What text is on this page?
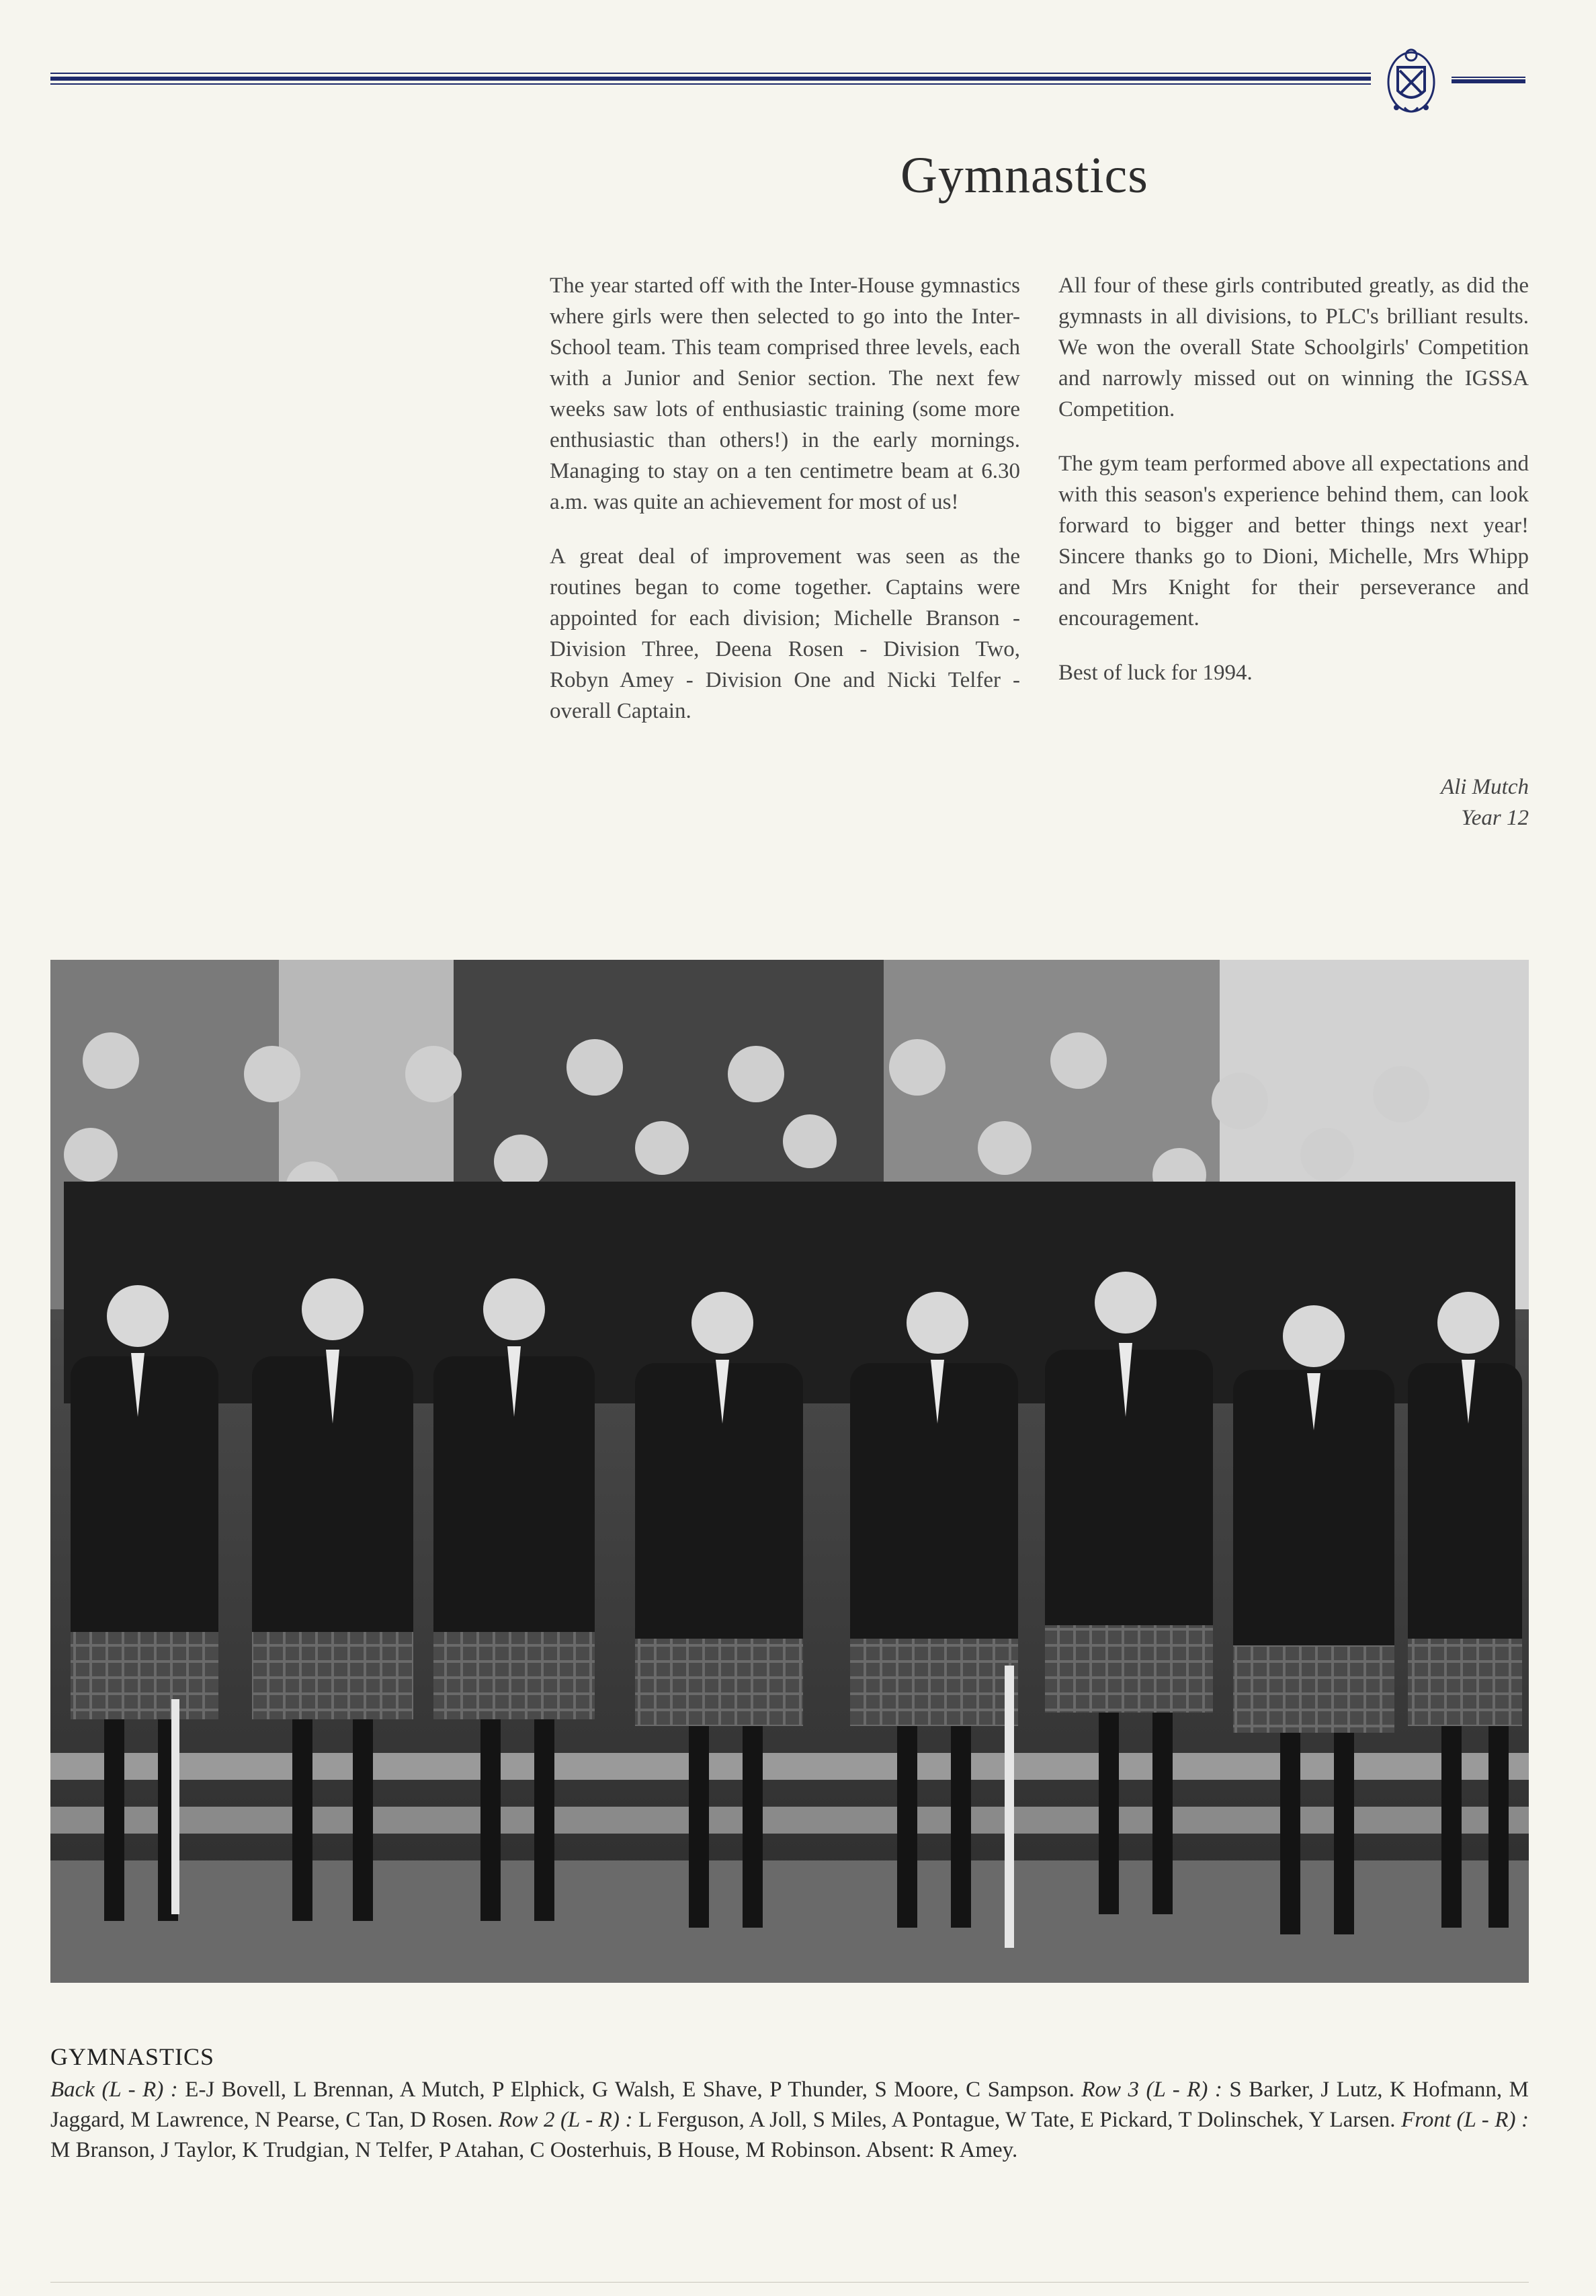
Gymnastics

The year started off with the Inter-House gymnastics where girls were then selected to go into the Inter-School team. This team comprised three levels, each with a Junior and Senior section. The next few weeks saw lots of enthusiastic training (some more enthusiastic than others!) in the early mornings. Managing to stay on a ten centimetre beam at 6.30 a.m. was quite an achievement for most of us!

A great deal of improvement was seen as the routines began to come together. Captains were appointed for each division; Michelle Branson - Division Three, Deena Rosen - Division Two, Robyn Amey - Division One and Nicki Telfer - overall Captain.

All four of these girls contributed greatly, as did the gymnasts in all divisions, to PLC's brilliant results. We won the overall State Schoolgirls' Competition and narrowly missed out on winning the IGSSA Competition.

The gym team performed above all expectations and with this season's experience behind them, can look forward to bigger and better things next year! Sincere thanks go to Dioni, Michelle, Mrs Whipp and Mrs Knight for their perseverance and encouragement.

Best of luck for 1994.

Ali Mutch
Year 12
GYMNASTICS
Back (L - R) : E-J Bovell, L Brennan, A Mutch, P Elphick, G Walsh, E Shave, P Thunder, S Moore, C Sampson. Row 3 (L - R) : S Barker, J Lutz, K Hofmann, M Jaggard, M Lawrence, N Pearse, C Tan, D Rosen. Row 2 (L - R) : L Ferguson, A Joll, S Miles, A Pontague, W Tate, E Pickard, T Dolinschek, Y Larsen. Front (L - R) : M Branson, J Taylor, K Trudgian, N Telfer, P Atahan, C Oosterhuis, B House, M Robinson. Absent: R Amey.
